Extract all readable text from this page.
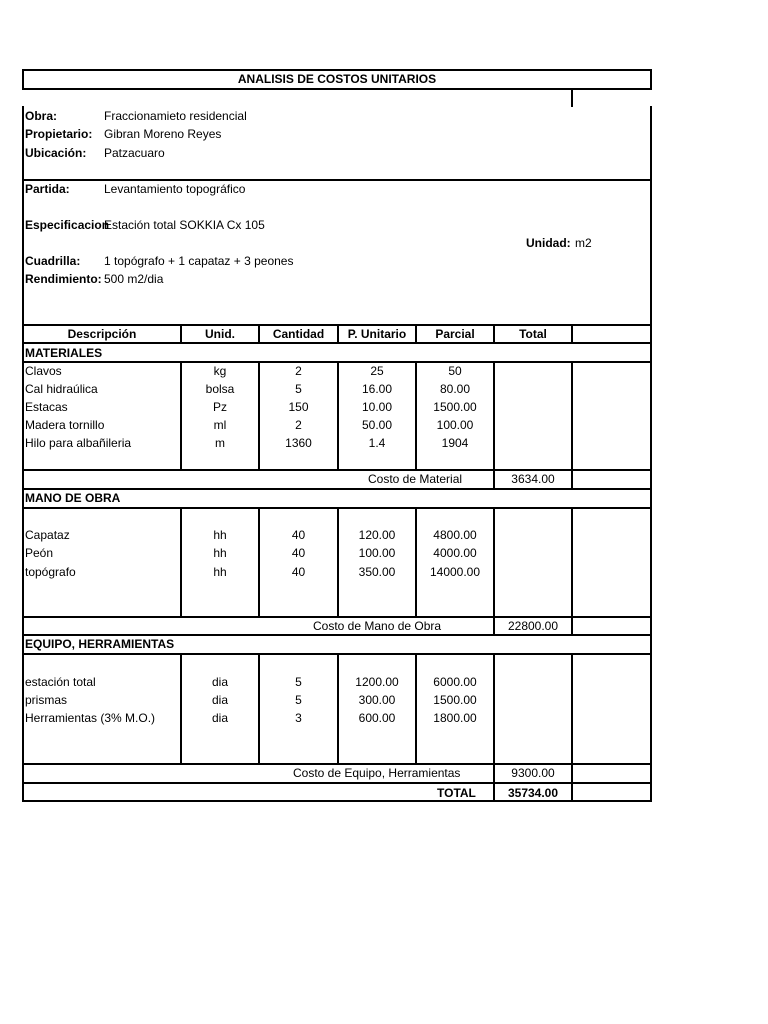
ANALISIS DE COSTOS UNITARIOS
Obra:	Fraccionamieto residencial
Propietario: Gibran Moreno Reyes
Ubicación: Patzacuaro
Partida:	Levantamiento topográfico
Especificacion
Estación total SOKKIA Cx 105
Unidad: m2
Cuadrilla: 1 topógrafo + 1 capataz + 3 peones
Rendimiento: 500 m2/dia
Descripción	Unid.	Cantidad	P. Unitario	Parcial	Total
MATERIALES
Clavos	kg	2	25	50
Cal hidraúlica	bolsa	5	16.00	80.00
Estacas	Pz	150	10.00	1500.00
Madera tornillo	ml	2	50.00	100.00
Hilo para albañileria	m	1360	1.4	1904
Costo de Material	3634.00
MANO DE OBRA
Capataz	hh	40	120.00	4800.00
Peón	hh	40	100.00	4000.00
topógrafo	hh	40	350.00	14000.00
Costo de Mano de Obra	22800.00
EQUIPO, HERRAMIENTAS
estación total	dia	5	1200.00	6000.00
prismas	dia	5	300.00	1500.00
Herramientas (3% M.O.)	dia	3	600.00	1800.00
Costo de Equipo, Herramientas	9300.00
TOTAL	35734.00
